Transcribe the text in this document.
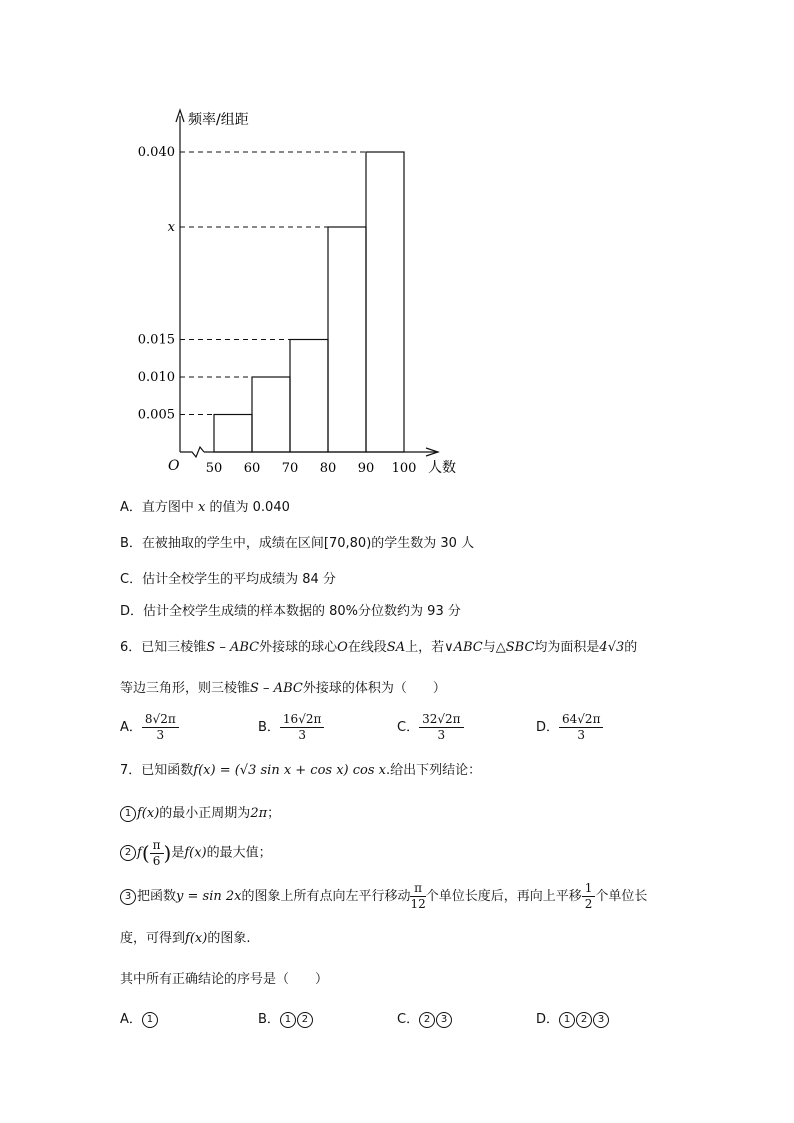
0.040
x
0.015
0.010
0.005
50 60 70 80 90 100
O
频率/组距
人数
A．直方图中 x 的值为 0.040
B．在被抽取的学生中，成绩在区间[70,80)的学生数为 30 人
C．估计全校学生的平均成绩为 84 分
D．估计全校学生成绩的样本数据的 80%分位数约为 93 分
6．已知三棱锥S – ABC外接球的球心O在线段SA上，若∨ABC与△SBC均为面积是4√3的
等边三角形，则三棱锥S – ABC外接球的体积为（　　）
A． $\frac{8√2\pi}{3}$	B． $\frac{16√2\pi}{3}$	C． $\frac{32√2\pi}{3}$	D． $\frac{64√2\pi}{3}$
7．已知函数f(x) = (√3 sin x + cos x) cos x.给出下列结论：
1 f(x)的最小正周期为2π；
2 $f( \frac{\pi}{6}$ )是f(x)的最大值；
3 把函数y = sin 2x的图象上所有点向左平行移动 $\frac{\pi}{12}$ 个单位长度后，再向上平移 $\frac{1}{2}$ 个单位长
度，可得到f(x)的图象.
其中所有正确结论的序号是（　　）
A． 1	B． 1 2	C． 2 3	D． 1 2 3
